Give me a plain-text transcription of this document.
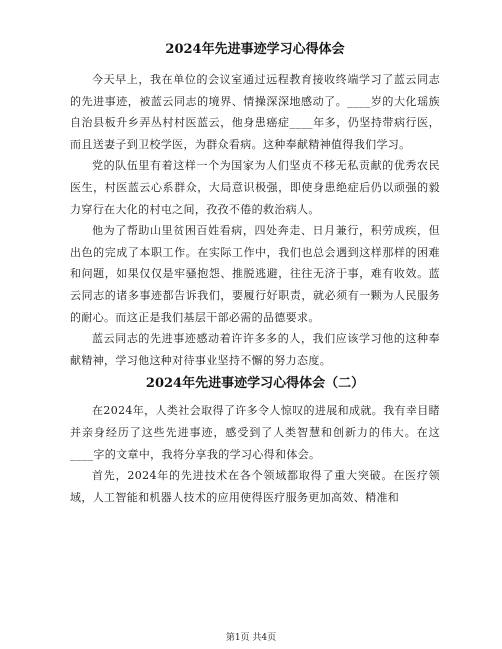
2024年先进事迹学习心得体会

今天早上，我在单位的会议室通过远程教育接收终端学习了蓝云同志的先进事迹，被蓝云同志的境界、情操深深地感动了。____岁的大化瑶族自治县板升乡弄丛村村医蓝云，他身患癌症____年多，仍坚持带病行医，而且送妻子到卫校学医，为群众看病。这种奉献精神值得我们学习。

党的队伍里有着这样一个为国家为人们坚贞不移无私贡献的优秀农民医生，村医蓝云心系群众，大局意识极强，即使身患绝症后仍以顽强的毅力穿行在大化的村屯之间，孜孜不倦的救治病人。

他为了帮助山里贫困百姓看病，四处奔走、日月兼行，积劳成疾，但出色的完成了本职工作。在实际工作中，我们也总会遇到这样那样的困难和问题，如果仅仅是牢骚抱怨、推脱逃避，往往无济于事，难有收效。蓝云同志的诸多事迹都告诉我们，要履行好职责，就必须有一颗为人民服务的耐心。而这正是我们基层干部必需的品德要求。

蓝云同志的先进事迹感动着许许多多的人，我们应该学习他的这种奉献精神，学习他这种对待事业坚持不懈的努力态度。

2024年先进事迹学习心得体会（二）

在2024年，人类社会取得了许多令人惊叹的进展和成就。我有幸目睹并亲身经历了这些先进事迹，感受到了人类智慧和创新力的伟大。在这____字的文章中，我将分享我的学习心得和体会。

首先，2024年的先进技术在各个领域都取得了重大突破。在医疗领域，人工智能和机器人技术的应用使得医疗服务更加高效、精准和

第1页 共4页
